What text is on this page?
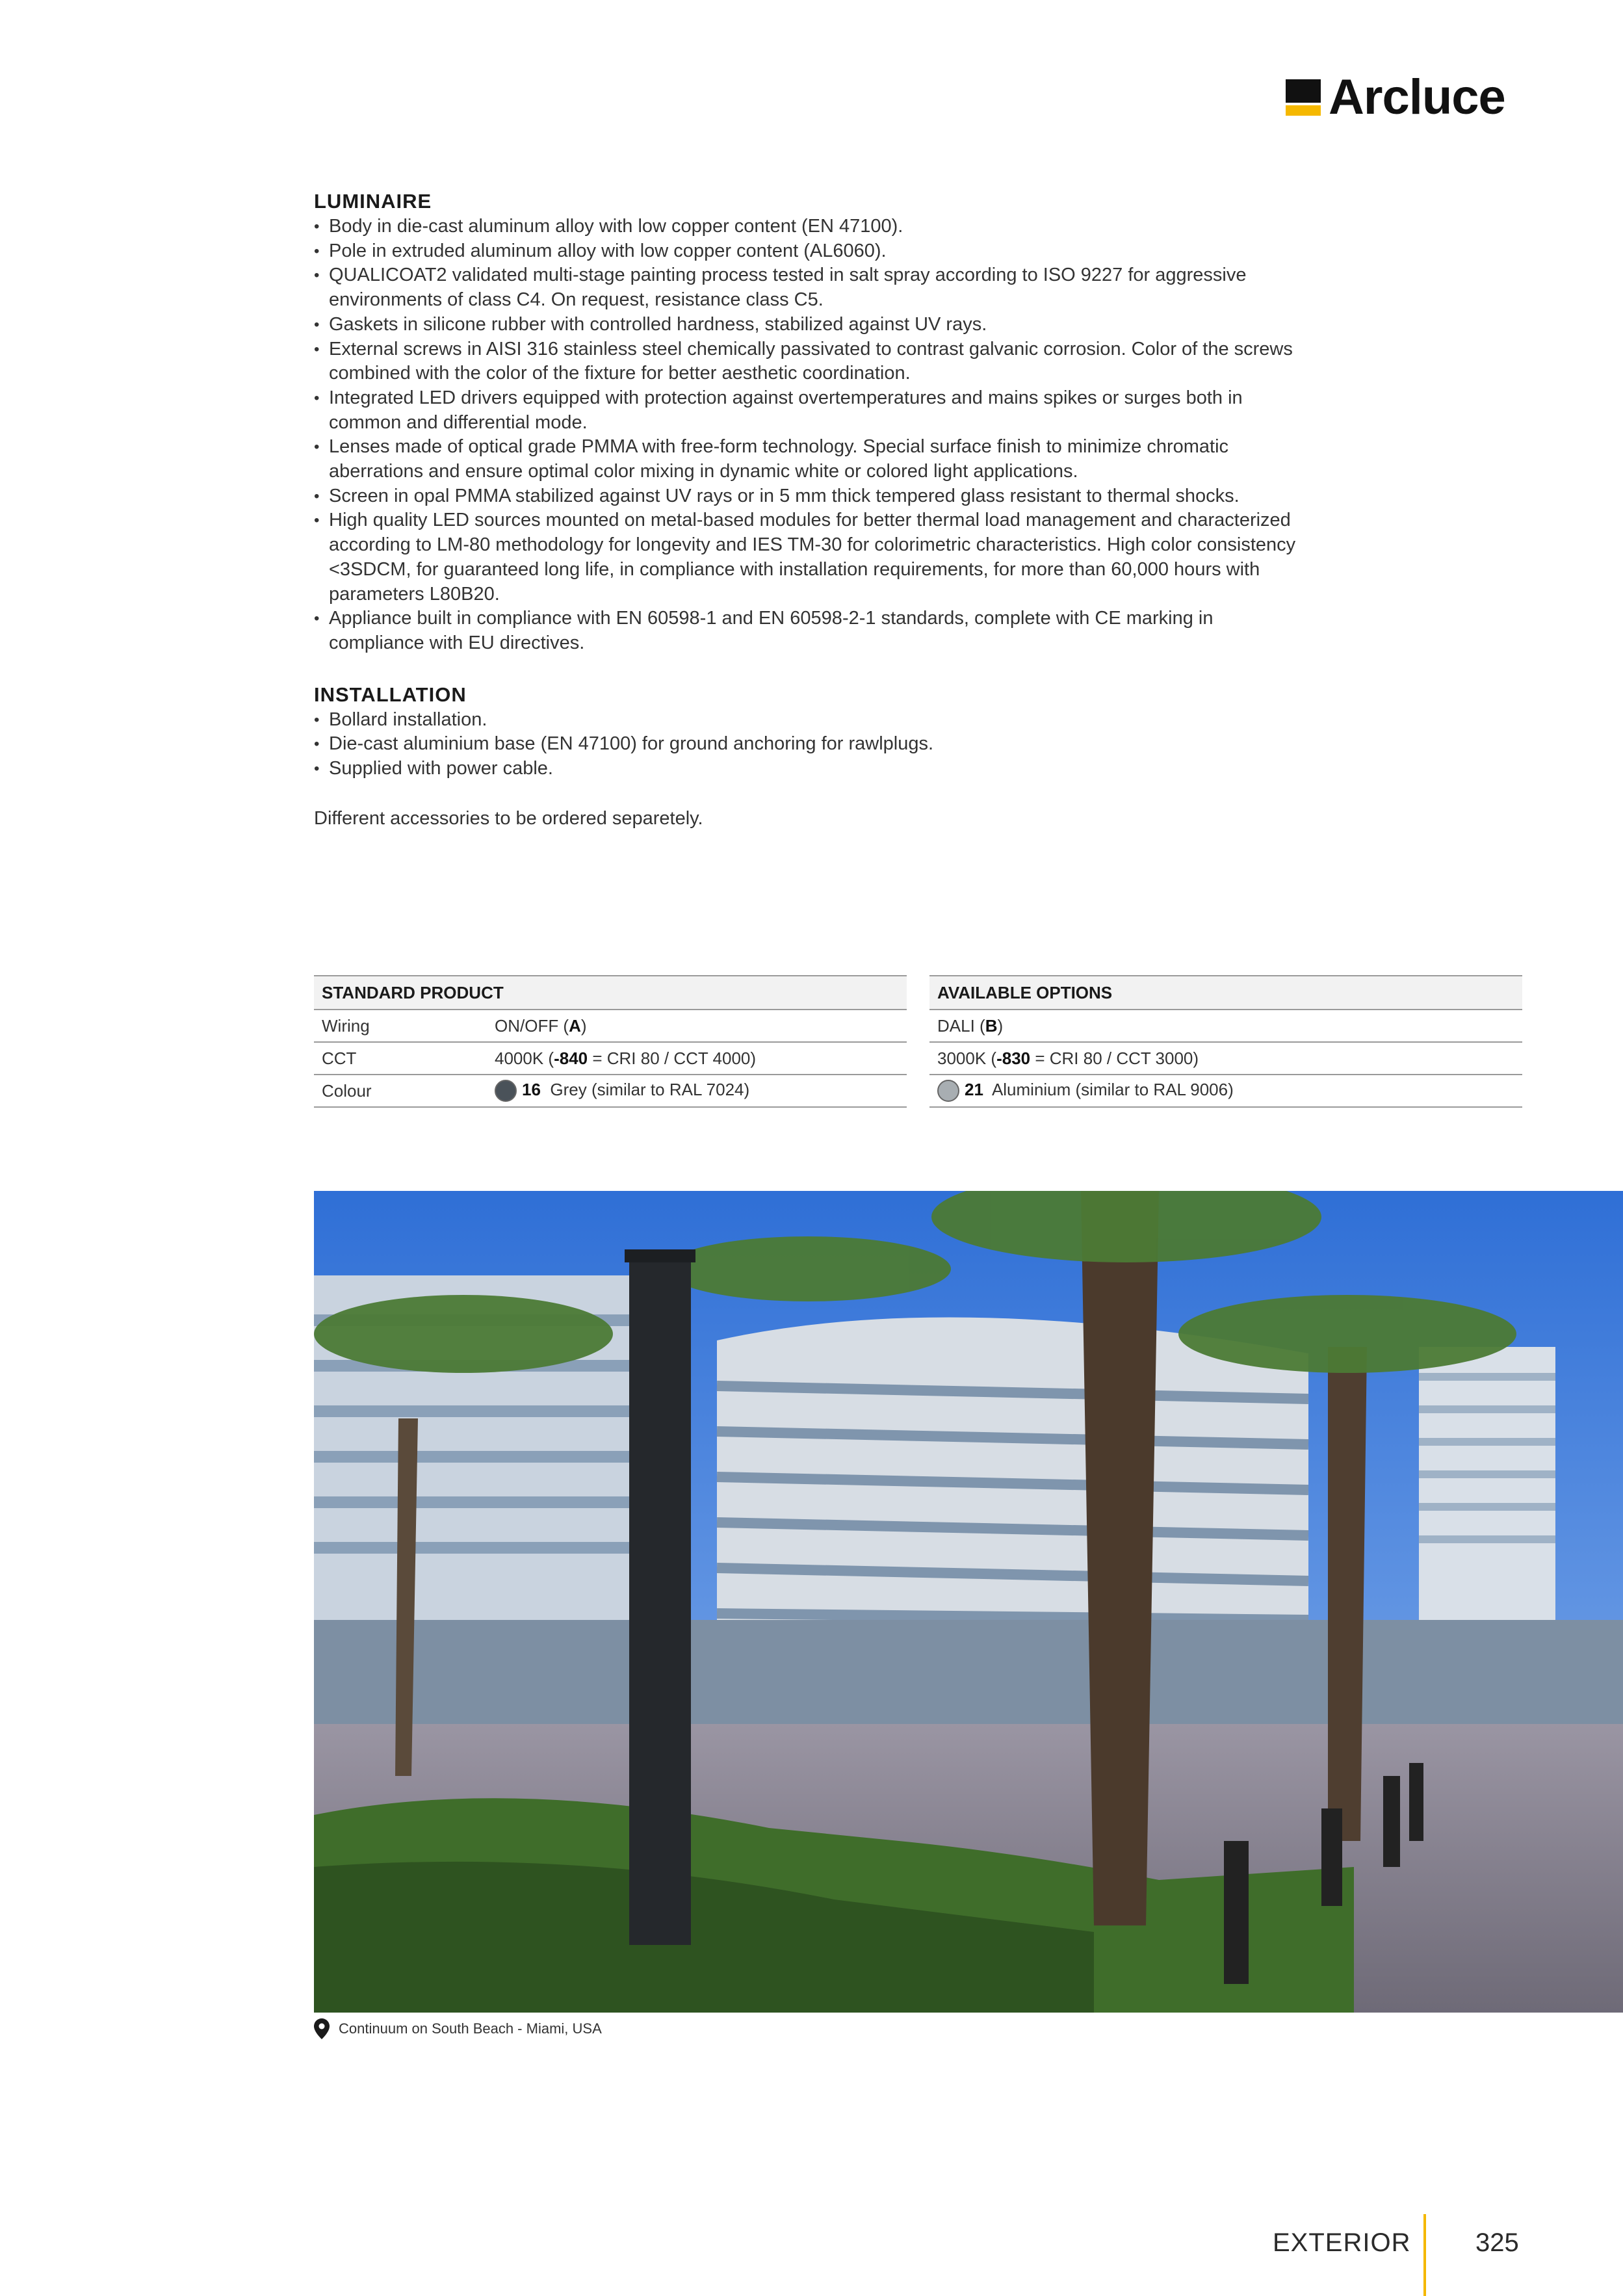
Arcluce
LUMINAIRE
• Body in die-cast aluminum alloy with low copper content (EN 47100).
• Pole in extruded aluminum alloy with low copper content (AL6060).
• QUALICOAT2 validated multi-stage painting process tested in salt spray according to ISO 9227 for aggressive environments of class C4. On request, resistance class C5.
• Gaskets in silicone rubber with controlled hardness, stabilized against UV rays.
• External screws in AISI 316 stainless steel chemically passivated to contrast galvanic corrosion. Color of the screws combined with the color of the fixture for better aesthetic coordination.
• Integrated LED drivers equipped with protection against overtemperatures and mains spikes or surges both in common and differential mode.
• Lenses made of optical grade PMMA with free-form technology. Special surface finish to minimize chromatic aberrations and ensure optimal color mixing in dynamic white or colored light applications.
• Screen in opal PMMA stabilized against UV rays or in 5 mm thick tempered glass resistant to thermal shocks.
• High quality LED sources mounted on metal-based modules for better thermal load management and characterized according to LM-80 methodology for longevity and IES TM-30 for colorimetric characteristics. High color consistency <3SDCM, for guaranteed long life, in compliance with installation requirements, for more than 60,000 hours with parameters L80B20.
• Appliance built in compliance with EN 60598-1 and EN 60598-2-1 standards, complete with CE marking in compliance with EU directives.
INSTALLATION
• Bollard installation.
• Die-cast aluminium base (EN 47100) for ground anchoring for rawlplugs.
• Supplied with power cable.
Different accessories to be ordered separetely.
STANDARD PRODUCT	
Wiring	ON/OFF (A)
CCT	4000K (-840 = CRI 80 / CCT 4000)
Colour	16 Grey (similar to RAL 7024)
AVAILABLE OPTIONS
DALI (B)
3000K (-830 = CRI 80 / CCT 3000)
21 Aluminium (similar to RAL 9006)
Continuum on South Beach - Miami, USA
EXTERIOR 325
